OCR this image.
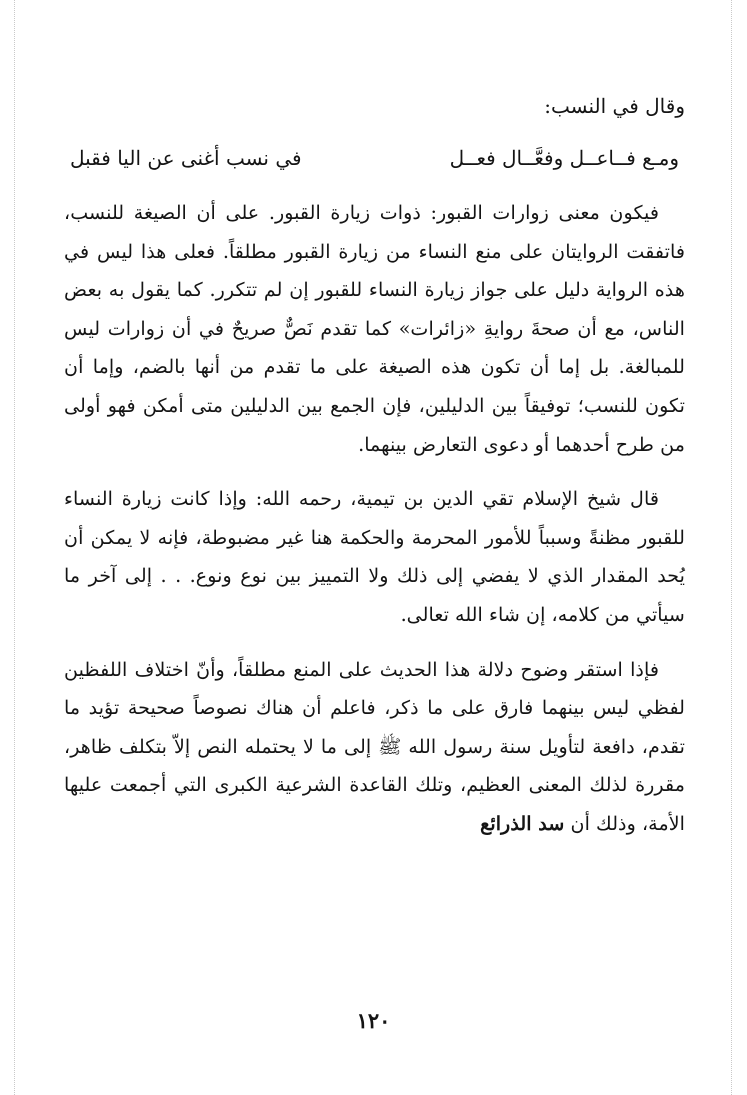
وقال في النسب:

ومـع فــاعــل وفعَّــال فعــل
في نسب أغنى عن اليا فقبل

فيكون معنى زوارات القبور: ذوات زيارة القبور. على أن الصيغة للنسب، فاتفقت الروايتان على منع النساء من زيارة القبور مطلقاً. فعلى هذا ليس في هذه الرواية دليل على جواز زيارة النساء للقبور إن لم تتكرر. كما يقول به بعض الناس، مع أن صحةَ روايةِ «زائرات» كما تقدم نَصٌّ صريحٌ في أن زوارات ليس للمبالغة. بل إما أن تكون هذه الصيغة على ما تقدم من أنها بالضم، وإما أن تكون للنسب؛ توفيقاً بين الدليلين، فإن الجمع بين الدليلين متى أمكن فهو أولى من طرح أحدهما أو دعوى التعارض بينهما.

قال شيخ الإسلام تقي الدين بن تيمية، رحمه الله: وإذا كانت زيارة النساء للقبور مظنةً وسبباً للأمور المحرمة والحكمة هنا غير مضبوطة، فإنه لا يمكن أن يُحد المقدار الذي لا يفضي إلى ذلك ولا التمييز بين نوع ونوع. . . إلى آخر ما سيأتي من كلامه، إن شاء الله تعالى.

فإذا استقر وضوح دلالة هذا الحديث على المنع مطلقاً، وأنّ اختلاف اللفظين لفظي ليس بينهما فارق على ما ذكر، فاعلم أن هناك نصوصاً صحيحة تؤيد ما تقدم، دافعة لتأويل سنة رسول الله ﷺ إلى ما لا يحتمله النص إلاّ بتكلف ظاهر، مقررة لذلك المعنى العظيم، وتلك القاعدة الشرعية الكبرى التي أجمعت عليها الأمة، وذلك أن سد الذرائع

١٢٠
